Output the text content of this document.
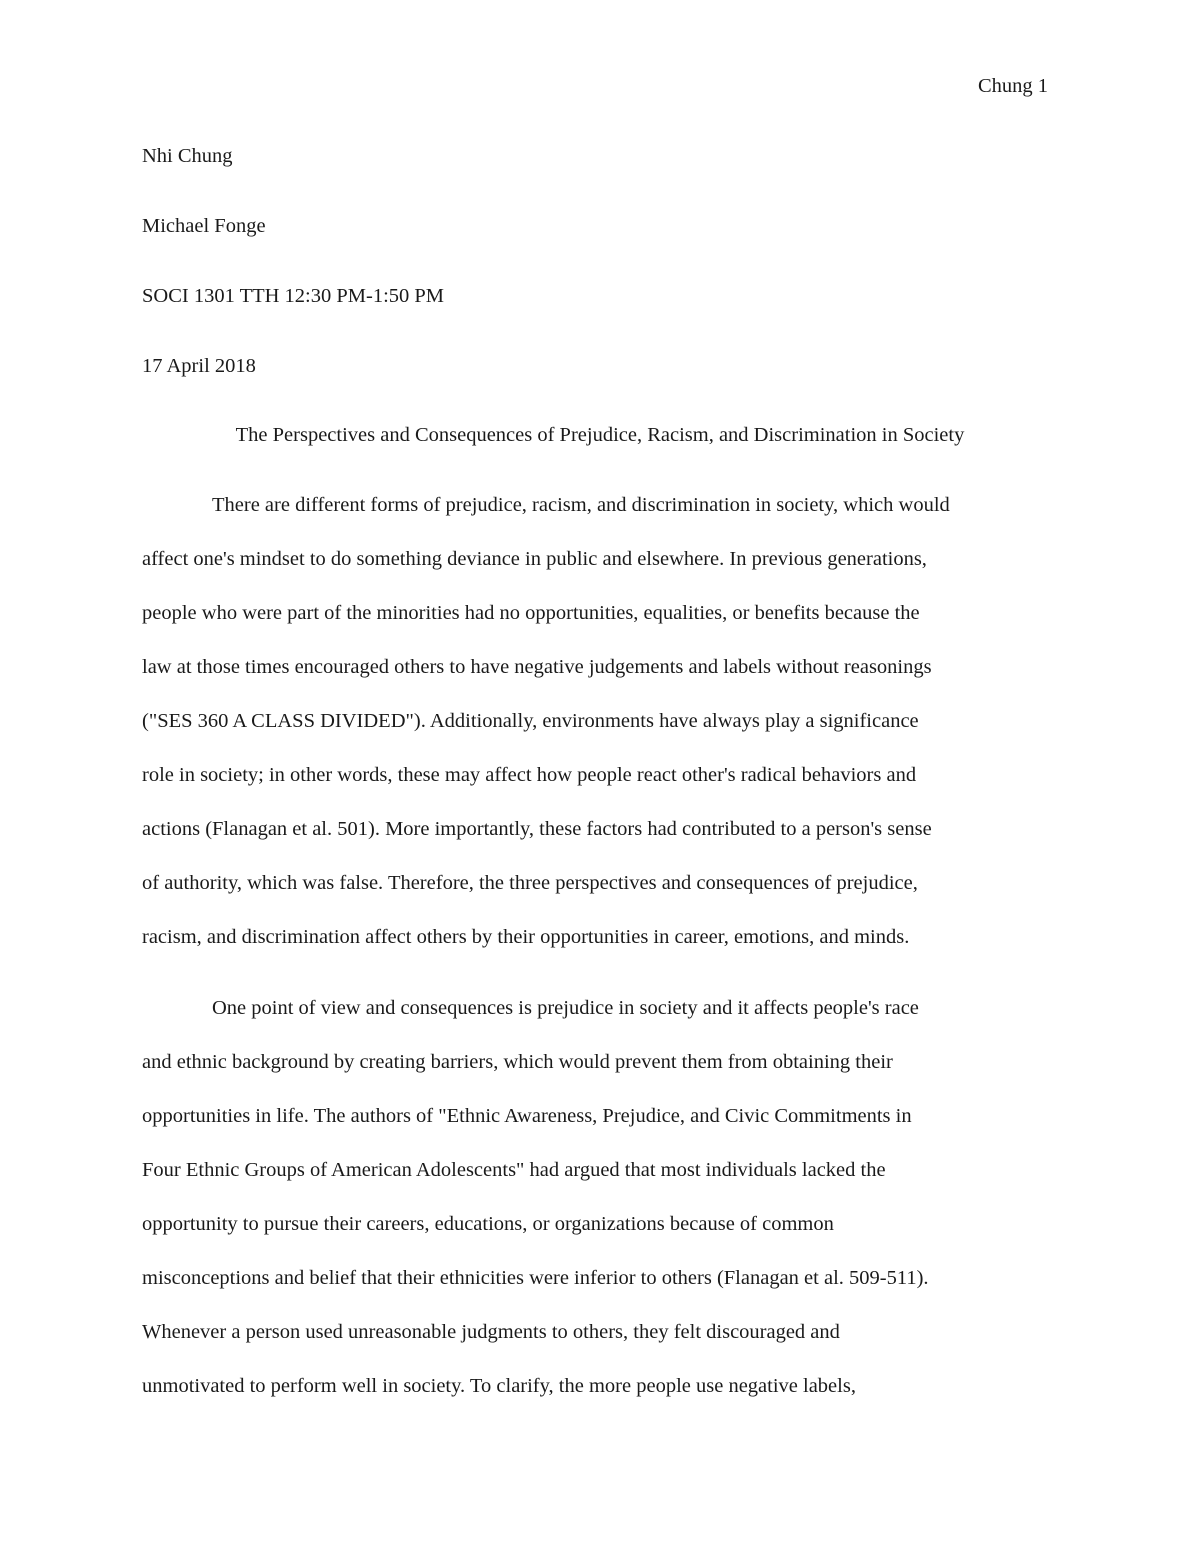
Chung 1
Nhi Chung
Michael Fonge
SOCI 1301 TTH 12:30 PM-1:50 PM
17 April 2018
The Perspectives and Consequences of Prejudice, Racism, and Discrimination in Society
There are different forms of prejudice, racism, and discrimination in society, which would
affect one's mindset to do something deviance in public and elsewhere. In previous generations,
people who were part of the minorities had no opportunities, equalities, or benefits because the
law at those times encouraged others to have negative judgements and labels without reasonings
("SES 360 A CLASS DIVIDED"). Additionally, environments have always play a significance
role in society; in other words, these may affect how people react other's radical behaviors and
actions (Flanagan et al. 501). More importantly, these factors had contributed to a person's sense
of authority, which was false. Therefore, the three perspectives and consequences of prejudice,
racism, and discrimination affect others by their opportunities in career, emotions, and minds.
One point of view and consequences is prejudice in society and it affects people's race
and ethnic background by creating barriers, which would prevent them from obtaining their
opportunities in life. The authors of "Ethnic Awareness, Prejudice, and Civic Commitments in
Four Ethnic Groups of American Adolescents" had argued that most individuals lacked the
opportunity to pursue their careers, educations, or organizations because of common
misconceptions and belief that their ethnicities were inferior to others (Flanagan et al. 509-511).
Whenever a person used unreasonable judgments to others, they felt discouraged and
unmotivated to perform well in society. To clarify, the more people use negative labels,
